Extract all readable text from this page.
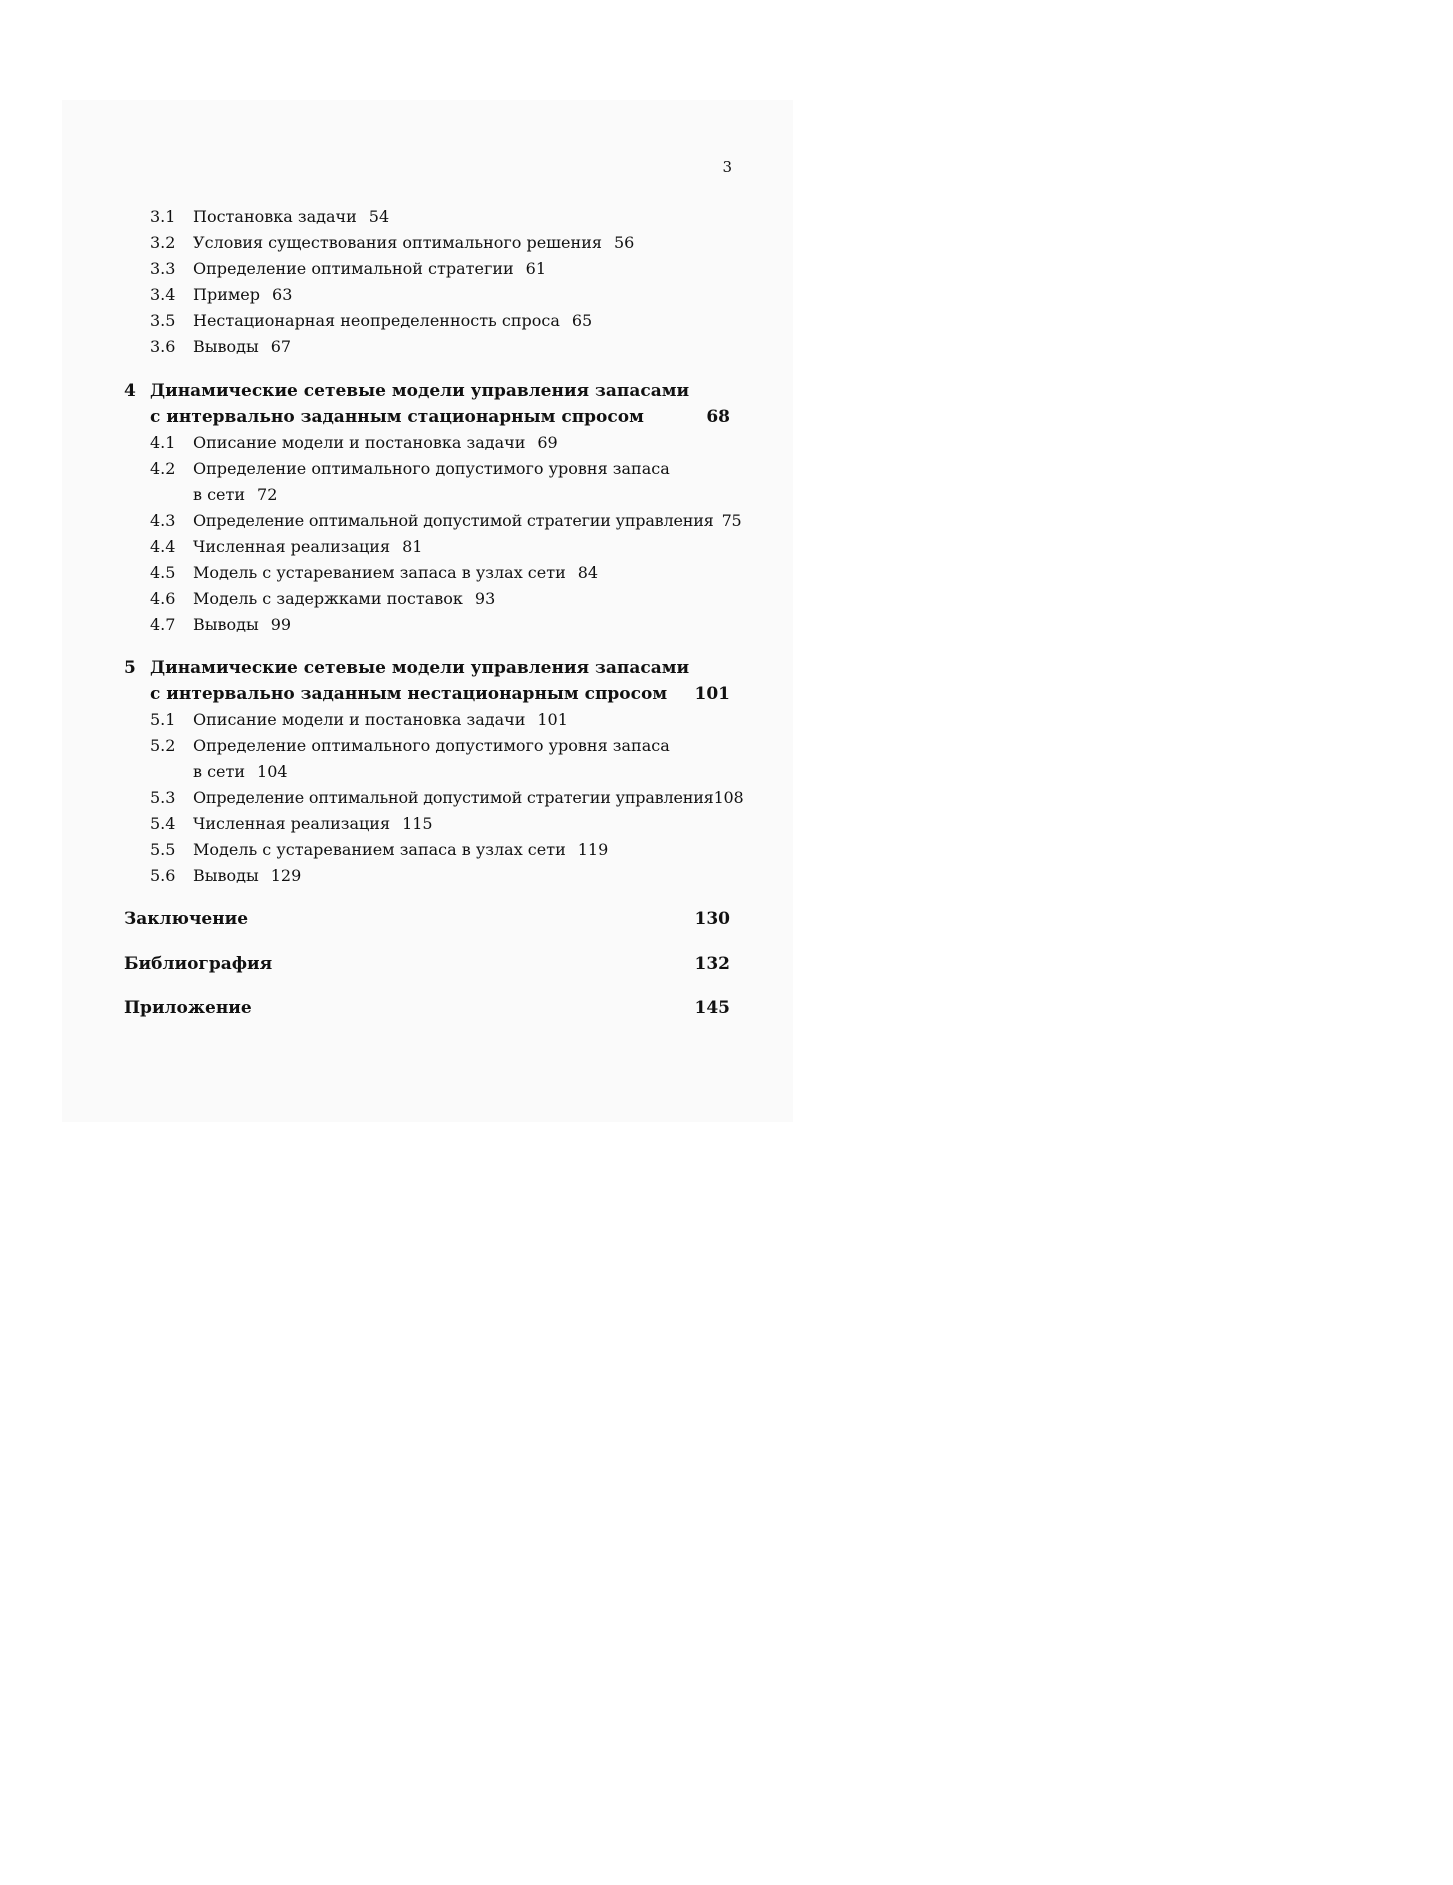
3
3.1	Постановка задачи 54
3.2	Условия существования оптимального решения 56
3.3	Определение оптимальной стратегии 61
3.4	Пример 63
3.5	Нестационарная неопределенность спроса 65
3.6	Выводы 67
4 Динамические сетевые модели управления запасами
с интервально заданным стационарным спросом	68
4.1	Описание модели и постановка задачи 69
4.2	Определение оптимального допустимого уровня запаса
в сети 72
4.3	Определение оптимальной допустимой стратегии управления 75
4.4	Численная реализация 81
4.5	Модель с устареванием запаса в узлах сети 84
4.6	Модель с задержками поставок 93
4.7	Выводы 99
5 Динамические сетевые модели управления запасами
с интервально заданным нестационарным спросом 101
5.1	Описание модели и постановка задачи 101
5.2	Определение оптимального допустимого уровня запаса
в сети 104
5.3	Определение оптимальной допустимой стратегии управления 108
5.4	Численная реализация 115
5.5	Модель с устареванием запаса в узлах сети 119
5.6	Выводы 129
Заключение	130
Библиография	132
Приложение	145
